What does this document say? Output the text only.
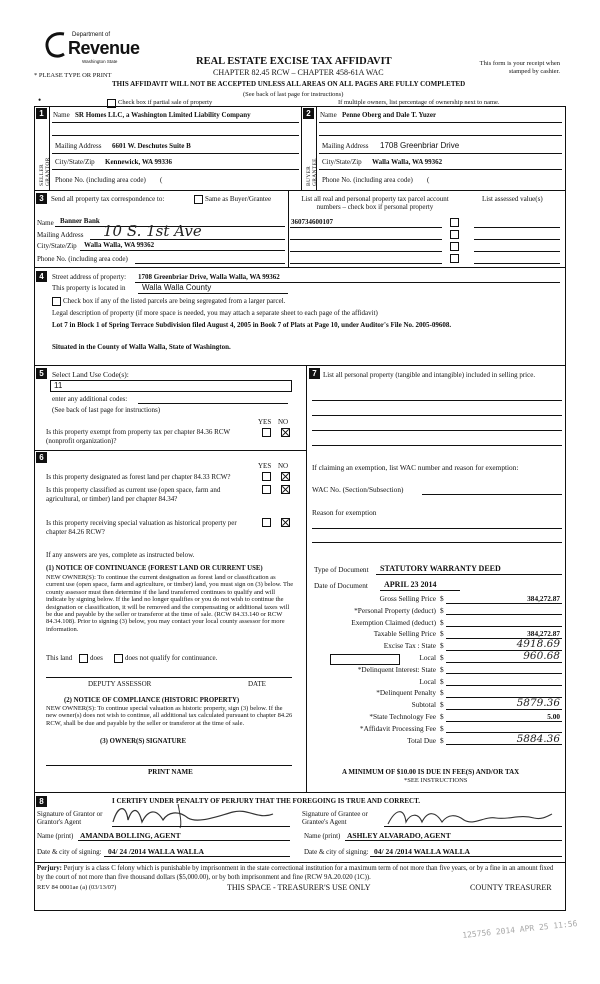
Department of
Revenue
Washington State
* PLEASE TYPE OR PRINT
REAL ESTATE EXCISE TAX AFFIDAVIT
CHAPTER 82.45 RCW – CHAPTER 458-61A WAC
THIS AFFIDAVIT WILL NOT BE ACCEPTED UNLESS ALL AREAS ON ALL PAGES ARE FULLY COMPLETED
(See back of last page for instructions)
This form is your receipt when stamped by cashier.
•	Check box if partial sale of property	If multiple owners, list percentage of ownership next to name.
1
SELLER GRANTOR
Name SR Homes LLC, a Washington Limited Liability Company
Mailing Address 6601 W. Deschutes Suite B
City/State/Zip Kennewick, WA 99336
Phone No. (including area code) (
2
BUYER GRANTEE
Name Penne Oberg and Dale T. Yuzer
Mailing Address 1708 Greenbriar Drive
City/State/Zip Walla Walla, WA 99362
Phone No. (including area code) (
3	Send all property tax correspondence to:	Same as Buyer/Grantee
Name Banner Bank
Mailing Address 10 S. 1st Ave
City/State/Zip Walla Walla, WA 99362
Phone No. (including area code)
List all real and personal property tax parcel account numbers – check box if personal property
List assessed value(s)
360734600107
4	Street address of property: 1708 Greenbriar Drive, Walla Walla, WA 99362
This property is located in Walla Walla County
Check box if any of the listed parcels are being segregated from a larger parcel.
Legal description of property (if more space is needed, you may attach a separate sheet to each page of the affidavit)
Lot 7 in Block 1 of Spring Terrace Subdivision filed August 4, 2005 in Book 7 of Plats at Page 10, under Auditor's File No. 2005-09608.
Situated in the County of Walla Walla, State of Washington.
5	Select Land Use Code(s):
11
enter any additional codes:
(See back of last page for instructions)
YES NO
Is this property exempt from property tax per chapter 84.36 RCW (nonprofit organization)?
6
YES NO
Is this property designated as forest land per chapter 84.33 RCW?
Is this property classified as current use (open space, farm and agricultural, or timber) land per chapter 84.34?
Is this property receiving special valuation as historical property per chapter 84.26 RCW?
If any answers are yes, complete as instructed below.
(1) NOTICE OF CONTINUANCE (FOREST LAND OR CURRENT USE)
NEW OWNER(S): To continue the current designation as forest land or classification as current use (open space, farm and agriculture, or timber) land, you must sign on (3) below. The county assessor must then determine if the land transferred continues to qualify and will indicate by signing below. If the land no longer qualifies or you do not wish to continue the designation or classification, it will be removed and the compensating or additional taxes will be due and payable by the seller or transferor at the time of sale. (RCW 84.33.140 or RCW 84.34.108). Prior to signing (3) below, you may contact your local county assessor for more information.
This land	does	does not qualify for continuance.
DEPUTY ASSESSOR	DATE
(2) NOTICE OF COMPLIANCE (HISTORIC PROPERTY)
NEW OWNER(S): To continue special valuation as historic property, sign (3) below. If the new owner(s) does not wish to continue, all additional tax calculated pursuant to chapter 84.26 RCW, shall be due and payable by the seller or transferor at the time of sale.
(3) OWNER(S) SIGNATURE
PRINT NAME
7 List all personal property (tangible and intangible) included in selling price.
If claiming an exemption, list WAC number and reason for exemption:
WAC No. (Section/Subsection)
Reason for exemption
Type of Document STATUTORY WARRANTY DEED
Date of Document APRIL 23 2014
Gross Selling Price $	384,272.87
*Personal Property (deduct) $
Exemption Claimed (deduct) $
Taxable Selling Price $	384,272.87
Excise Tax : State $	4918.69
Local $	960.68
*Delinquent Interest: State $
Local $
*Delinquent Penalty $
Subtotal $	5879.36
*State Technology Fee $	5.00
*Affidavit Processing Fee $
Total Due $	5884.36
A MINIMUM OF $10.00 IS DUE IN FEE(S) AND/OR TAX
*SEE INSTRUCTIONS
8	I CERTIFY UNDER PENALTY OF PERJURY THAT THE FOREGOING IS TRUE AND CORRECT.
Signature of Grantor or Grantor's Agent
Signature of Grantee or Grantee's Agent
Name (print) AMANDA BOLLING, AGENT	Name (print) ASHLEY ALVARADO, AGENT
Date & city of signing: 04/ 24 /2014 WALLA WALLA	Date & city of signing: 04/ 24 /2014 WALLA WALLA
Perjury: Perjury is a class C felony which is punishable by imprisonment in the state correctional institution for a maximum term of not more than five years, or by a fine in an amount fixed by the court of not more than five thousand dollars ($5,000.00), or by both imprisonment and fine (RCW 9A.20.020 (1C)).
REV 84 0001ae (a) (03/13/07)	THIS SPACE - TREASURER'S USE ONLY	COUNTY TREASURER
125756 2014 APR 25 11:56
